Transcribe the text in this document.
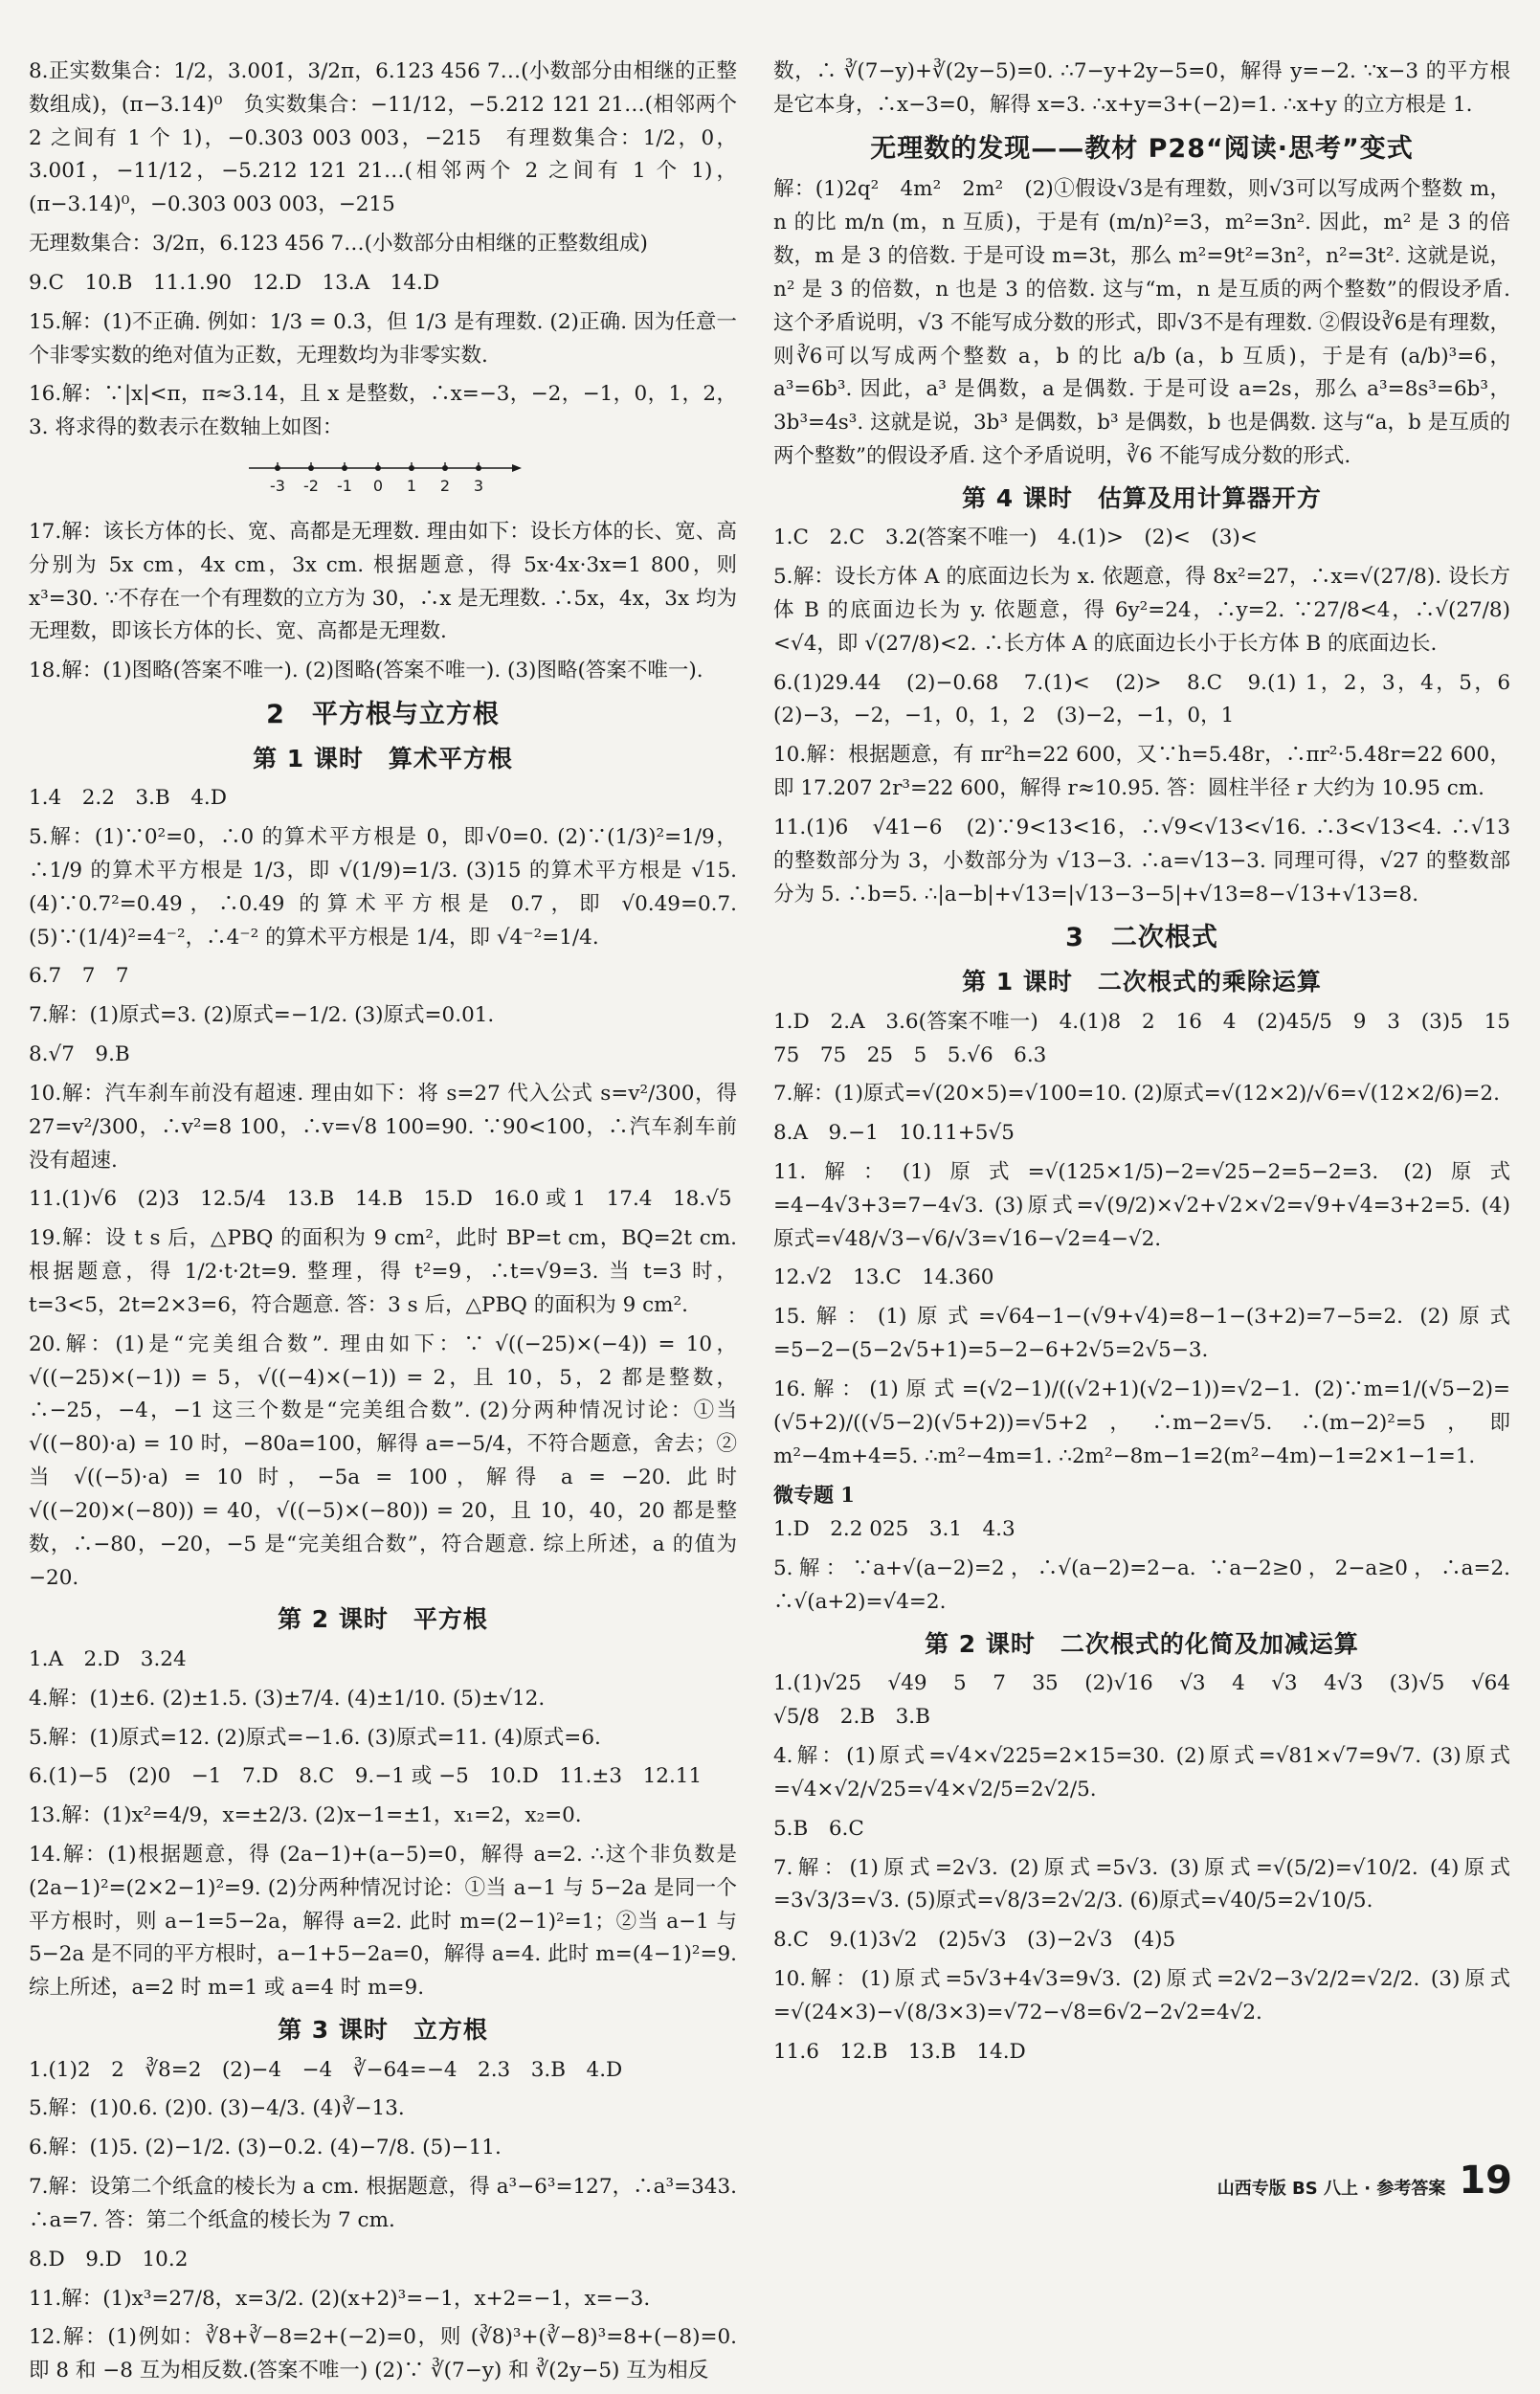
8.正实数集合：1/2，3.001̇，3/2π，6.123 456 7…(小数部分由相继的正整数组成)，(π−3.14)⁰　负实数集合：−11/12，−5.212 121 21…(相邻两个 2 之间有 1 个 1)，−0.303 003 003，−215　有理数集合：1/2，0，3.001̇，−11/12，−5.212 121 21…(相邻两个 2 之间有 1 个 1)，(π−3.14)⁰，−0.303 003 003，−215

无理数集合：3/2π，6.123 456 7…(小数部分由相继的正整数组成)

9.C　10.B　11.1.90　12.D　13.A　14.D

15.解：(1)不正确. 例如：1/3 = 0.3̇，但 1/3 是有理数. (2)正确. 因为任意一个非零实数的绝对值为正数，无理数均为非零实数.

16.解：∵|x|<π，π≈3.14，且 x 是整数，∴x=−3，−2，−1，0，1，2，3. 将求得的数表示在数轴上如图：

-3 -2 -1 0 1 2 3

17.解：该长方体的长、宽、高都是无理数. 理由如下：设长方体的长、宽、高分别为 5x cm，4x cm，3x cm. 根据题意，得 5x·4x·3x=1 800，则 x³=30. ∵不存在一个有理数的立方为 30，∴x 是无理数. ∴5x，4x，3x 均为无理数，即该长方体的长、宽、高都是无理数.

18.解：(1)图略(答案不唯一). (2)图略(答案不唯一). (3)图略(答案不唯一).

2　平方根与立方根
第 1 课时　算术平方根

1.4　2.2　3.B　4.D

5.解：(1)∵0²=0，∴0 的算术平方根是 0，即√0=0. (2)∵(1/3)²=1/9，∴1/9 的算术平方根是 1/3，即 √(1/9)=1/3. (3)15 的算术平方根是 √15. (4)∵0.7²=0.49，∴0.49 的算术平方根是 0.7，即 √0.49=0.7. (5)∵(1/4)²=4⁻²，∴4⁻² 的算术平方根是 1/4，即 √4⁻²=1/4.

6.7　7　7

7.解：(1)原式=3. (2)原式=−1/2. (3)原式=0.01.

8.√7　9.B

10.解：汽车刹车前没有超速. 理由如下：将 s=27 代入公式 s=v²/300，得 27=v²/300，∴v²=8 100，∴v=√8 100=90. ∵90<100，∴汽车刹车前没有超速.

11.(1)√6　(2)3　12.5/4　13.B　14.B　15.D　16.0 或 1　17.4　18.√5

19.解：设 t s 后，△PBQ 的面积为 9 cm²，此时 BP=t cm，BQ=2t cm. 根据题意，得 1/2·t·2t=9. 整理，得 t²=9，∴t=√9=3. 当 t=3 时，t=3<5，2t=2×3=6，符合题意. 答：3 s 后，△PBQ 的面积为 9 cm².

20.解：(1)是“完美组合数”. 理由如下：∵ √((−25)×(−4)) = 10，√((−25)×(−1)) = 5，√((−4)×(−1)) = 2，且 10，5，2 都是整数，∴−25，−4，−1 这三个数是“完美组合数”. (2)分两种情况讨论：①当 √((−80)·a) = 10 时，−80a=100，解得 a=−5/4，不符合题意，舍去；②当 √((−5)·a) = 10 时，−5a = 100，解得 a = −20. 此时 √((−20)×(−80)) = 40，√((−5)×(−80)) = 20，且 10，40，20 都是整数，∴−80，−20，−5 是“完美组合数”，符合题意. 综上所述，a 的值为 −20.

第 2 课时　平方根

1.A　2.D　3.24

4.解：(1)±6. (2)±1.5. (3)±7/4. (4)±1/10. (5)±√12.

5.解：(1)原式=12. (2)原式=−1.6. (3)原式=11. (4)原式=6.

6.(1)−5　(2)0　−1　7.D　8.C　9.−1 或 −5　10.D　11.±3　12.11

13.解：(1)x²=4/9，x=±2/3. (2)x−1=±1，x₁=2，x₂=0.

14.解：(1)根据题意，得 (2a−1)+(a−5)=0，解得 a=2. ∴这个非负数是 (2a−1)²=(2×2−1)²=9. (2)分两种情况讨论：①当 a−1 与 5−2a 是同一个平方根时，则 a−1=5−2a，解得 a=2. 此时 m=(2−1)²=1；②当 a−1 与 5−2a 是不同的平方根时，a−1+5−2a=0，解得 a=4. 此时 m=(4−1)²=9. 综上所述，a=2 时 m=1 或 a=4 时 m=9.

第 3 课时　立方根

1.(1)2　2　∛8=2　(2)−4　−4　∛−64=−4　2.3　3.B　4.D

5.解：(1)0.6. (2)0. (3)−4/3. (4)∛−13.

6.解：(1)5. (2)−1/2. (3)−0.2. (4)−7/8. (5)−11.

7.解：设第二个纸盒的棱长为 a cm. 根据题意，得 a³−6³=127，∴a³=343. ∴a=7. 答：第二个纸盒的棱长为 7 cm.

8.D　9.D　10.2

11.解：(1)x³=27/8，x=3/2. (2)(x+2)³=−1，x+2=−1，x=−3.

12.解：(1)例如：∛8+∛−8=2+(−2)=0，则 (∛8)³+(∛−8)³=8+(−8)=0. 即 8 和 −8 互为相反数.(答案不唯一) (2)∵ ∛(7−y) 和 ∛(2y−5) 互为相反

数，∴ ∛(7−y)+∛(2y−5)=0. ∴7−y+2y−5=0，解得 y=−2. ∵x−3 的平方根是它本身，∴x−3=0，解得 x=3. ∴x+y=3+(−2)=1. ∴x+y 的立方根是 1.

无理数的发现——教材 P28“阅读·思考”变式

解：(1)2q²　4m²　2m²　(2)①假设√3是有理数，则√3可以写成两个整数 m，n 的比 m/n (m，n 互质)，于是有 (m/n)²=3，m²=3n². 因此，m² 是 3 的倍数，m 是 3 的倍数. 于是可设 m=3t，那么 m²=9t²=3n²，n²=3t². 这就是说，n² 是 3 的倍数，n 也是 3 的倍数. 这与“m，n 是互质的两个整数”的假设矛盾. 这个矛盾说明，√3 不能写成分数的形式，即√3不是有理数. ②假设∛6是有理数，则∛6可以写成两个整数 a，b 的比 a/b (a，b 互质)，于是有 (a/b)³=6，a³=6b³. 因此，a³ 是偶数，a 是偶数. 于是可设 a=2s，那么 a³=8s³=6b³，3b³=4s³. 这就是说，3b³ 是偶数，b³ 是偶数，b 也是偶数. 这与“a，b 是互质的两个整数”的假设矛盾. 这个矛盾说明，∛6 不能写成分数的形式.

第 4 课时　估算及用计算器开方

1.C　2.C　3.2(答案不唯一)　4.(1)>　(2)<　(3)<

5.解：设长方体 A 的底面边长为 x. 依题意，得 8x²=27，∴x=√(27/8). 设长方体 B 的底面边长为 y. 依题意，得 6y²=24，∴y=2. ∵27/8<4，∴√(27/8)<√4，即 √(27/8)<2. ∴长方体 A 的底面边长小于长方体 B 的底面边长.

6.(1)29.44　(2)−0.68　7.(1)<　(2)>　8.C　9.(1) 1，2，3，4，5，6　(2)−3，−2，−1，0，1，2　(3)−2，−1，0，1

10.解：根据题意，有 πr²h=22 600，又∵h=5.48r，∴πr²·5.48r=22 600，即 17.207 2r³=22 600，解得 r≈10.95. 答：圆柱半径 r 大约为 10.95 cm.

11.(1)6　√41−6　(2)∵9<13<16，∴√9<√13<√16. ∴3<√13<4. ∴√13 的整数部分为 3，小数部分为 √13−3. ∴a=√13−3. 同理可得，√27 的整数部分为 5. ∴b=5. ∴|a−b|+√13=|√13−3−5|+√13=8−√13+√13=8.

3　二次根式
第 1 课时　二次根式的乘除运算

1.D　2.A　3.6(答案不唯一)　4.(1)8　2　16　4　(2)45/5　9　3　(3)5　15　75　75　25　5　5.√6　6.3

7.解：(1)原式=√(20×5)=√100=10. (2)原式=√(12×2)/√6=√(12×2/6)=2.

8.A　9.−1　10.11+5√5

11.解：(1)原式=√(125×1/5)−2=√25−2=5−2=3. (2)原式=4−4√3+3=7−4√3. (3)原式=√(9/2)×√2+√2×√2=√9+√4=3+2=5. (4)原式=√48/√3−√6/√3=√16−√2=4−√2.

12.√2　13.C　14.360

15.解：(1)原式=√64−1−(√9+√4)=8−1−(3+2)=7−5=2. (2)原式=5−2−(5−2√5+1)=5−2−6+2√5=2√5−3.

16.解：(1)原式=(√2−1)/((√2+1)(√2−1))=√2−1. (2)∵m=1/(√5−2)=(√5+2)/((√5−2)(√5+2))=√5+2，∴m−2=√5. ∴(m−2)²=5，即 m²−4m+4=5. ∴m²−4m=1. ∴2m²−8m−1=2(m²−4m)−1=2×1−1=1.

微专题 1

1.D　2.2 025　3.1　4.3

5.解：∵a+√(a−2)=2，∴√(a−2)=2−a. ∵a−2≥0，2−a≥0，∴a=2. ∴√(a+2)=√4=2.

第 2 课时　二次根式的化简及加减运算

1.(1)√25　√49　5　7　35　(2)√16　√3　4　√3　4√3　(3)√5　√64　√5/8　2.B　3.B

4.解：(1)原式=√4×√225=2×15=30. (2)原式=√81×√7=9√7. (3)原式=√4×√2/√25=√4×√2/5=2√2/5.

5.B　6.C

7.解：(1)原式=2√3. (2)原式=5√3. (3)原式=√(5/2)=√10/2. (4)原式=3√3/3=√3. (5)原式=√8/3=2√2/3. (6)原式=√40/5=2√10/5.

8.C　9.(1)3√2　(2)5√3　(3)−2√3　(4)5

10.解：(1)原式=5√3+4√3=9√3. (2)原式=2√2−3√2/2=√2/2. (3)原式=√(24×3)−√(8/3×3)=√72−√8=6√2−2√2=4√2.

11.6　12.B　13.B　14.D

山西专版 BS 八上 · 参考答案 19
